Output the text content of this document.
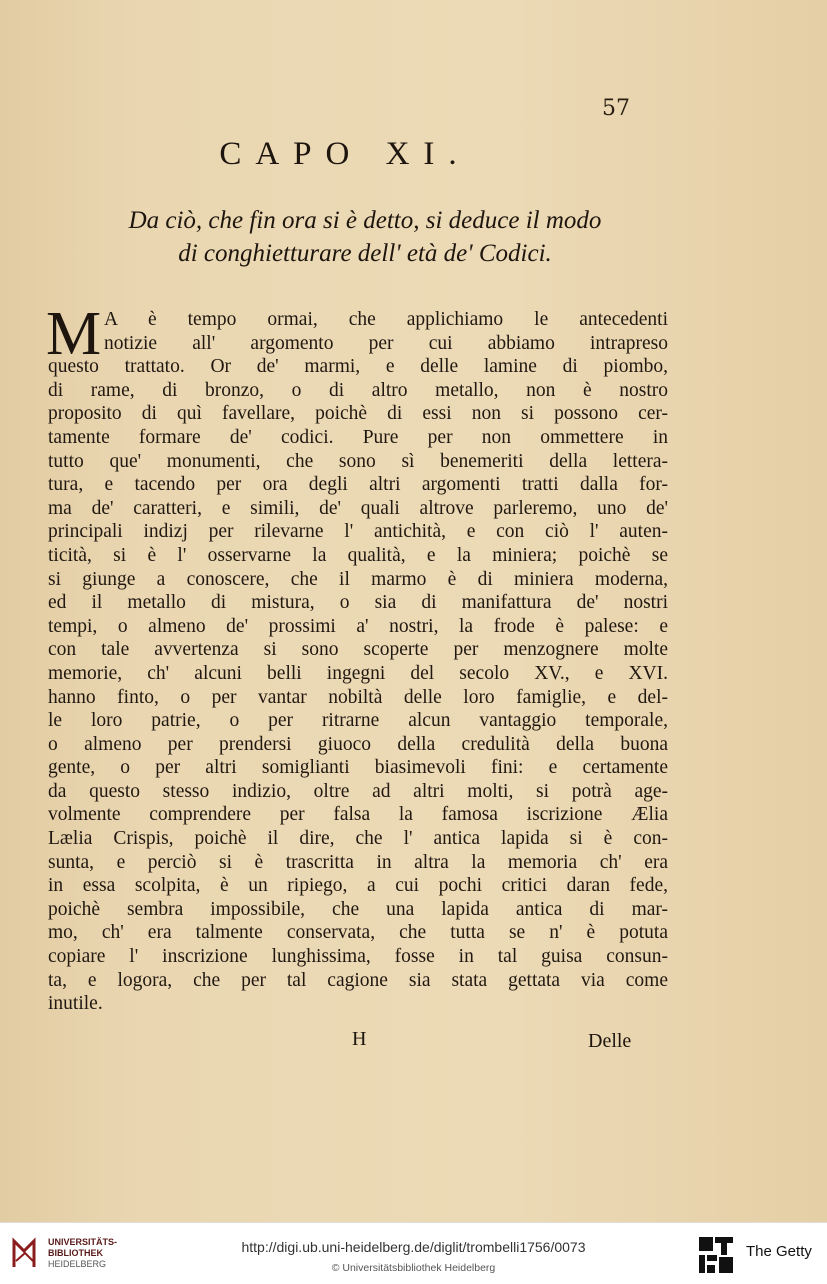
57
CAPO XI.
Da ciò, che fin ora si è detto, si deduce il modo
di conghietturare dell' età de' Codici.
M A è tempo ormai, che applichiamo le antecedenti
notizie all' argomento per cui abbiamo intrapreso
questo trattato. Or de' marmi, e delle lamine di piombo,
di rame, di bronzo, o di altro metallo, non è nostro
proposito di quì favellare, poichè di essi non si possono cer-
tamente formare de' codici. Pure per non ommettere in
tutto que' monumenti, che sono sì benemeriti della lettera-
tura, e tacendo per ora degli altri argomenti tratti dalla for-
ma de' caratteri, e simili, de' quali altrove parleremo, uno de'
principali indizj per rilevarne l' antichità, e con ciò l' auten-
ticità, si è l' osservarne la qualità, e la miniera; poichè se
si giunge a conoscere, che il marmo è di miniera moderna,
ed il metallo di mistura, o sia di manifattura de' nostri
tempi, o almeno de' prossimi a' nostri, la frode è palese: e
con tale avvertenza si sono scoperte per menzognere molte
memorie, ch' alcuni belli ingegni del secolo XV., e XVI.
hanno finto, o per vantar nobiltà delle loro famiglie, e del-
le loro patrie, o per ritrarne alcun vantaggio temporale,
o almeno per prendersi giuoco della credulità della buona
gente, o per altri somiglianti biasimevoli fini: e certamente
da questo stesso indizio, oltre ad altri molti, si potrà age-
volmente comprendere per falsa la famosa iscrizione Ælia
Lælia Crispis, poichè il dire, che l' antica lapida si è con-
sunta, e perciò si è trascritta in altra la memoria ch' era
in essa scolpita, è un ripiego, a cui pochi critici daran fede,
poichè sembra impossibile, che una lapida antica di mar-
mo, ch' era talmente conservata, che tutta se n' è potuta
copiare l' inscrizione lunghissima, fosse in tal guisa consun-
ta, e logora, che per tal cagione sia stata gettata via come
inutile.
H	Delle
UNIVERSITÄTS-
BIBLIOTHEK
HEIDELBERG
http://digi.ub.uni-heidelberg.de/diglit/trombelli1756/0073
© Universitätsbibliothek Heidelberg
The Getty
